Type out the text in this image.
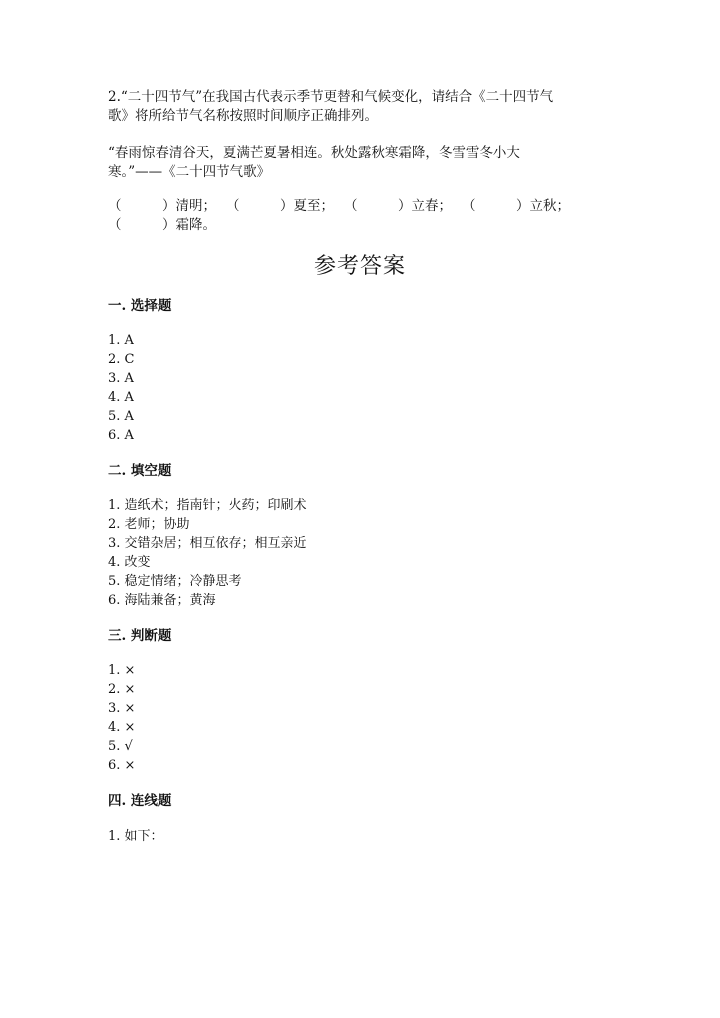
2.“二十四节气”在我国古代表示季节更替和气候变化，请结合《二十四节气
歌》将所给节气名称按照时间顺序正确排列。
“春雨惊春清谷天，夏满芒夏暑相连。秋处露秋寒霜降，冬雪雪冬小大
寒。”——《二十四节气歌》
（　　　）清明； （　　　）夏至； （　　　）立春； （　　　）立秋；
（　　　）霜降。
参考答案
一. 选择题
1. A
2. C
3. A
4. A
5. A
6. A
二. 填空题
1. 造纸术；指南针；火药；印刷术
2. 老师；协助
3. 交错杂居；相互依存；相互亲近
4. 改变
5. 稳定情绪；冷静思考
6. 海陆兼备；黄海
三. 判断题
1. ×
2. ×
3. ×
4. ×
5. √
6. ×
四. 连线题
1. 如下：
